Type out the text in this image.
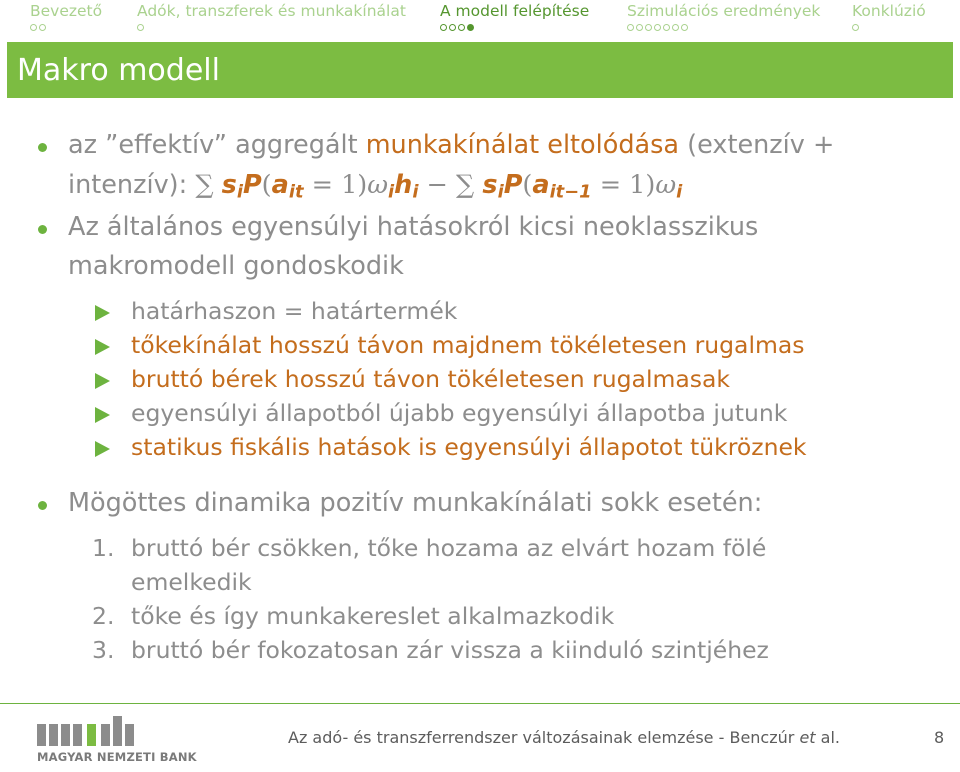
Bevezető Adók, transzferek és munkakínálat A modell felépítése Szimulációs eredmények Konklúzió
Makro modell
az ”effektív” aggregált munkakínálat eltolódása (extenzív +
intenzív): ∑ $s_iP(a_{it} = 1)\omega_ih_i$ − ∑ $s_iP(a_{it-1} = 1)\omega_i$
Az általános egyensúlyi hatásokról kicsi neoklasszikus
makromodell gondoskodik
határhaszon = határtermék
tőkekínálat hosszú távon majdnem tökéletesen rugalmas
bruttó bérek hosszú távon tökéletesen rugalmasak
egyensúlyi állapotból újabb egyensúlyi állapotba jutunk
statikus fiskális hatások is egyensúlyi állapotot tükröznek
Mögöttes dinamika pozitív munkakínálati sokk esetén:
1. bruttó bér csökken, tőke hozama az elvárt hozam fölé
emelkedik
2. tőke és így munkakereslet alkalmazkodik
3. bruttó bér fokozatosan zár vissza a kiinduló szintjéhez
MAGYAR NEMZETI BANK
Az adó- és transzferrendszer változásainak elemzése - Benczúr et al.	8
